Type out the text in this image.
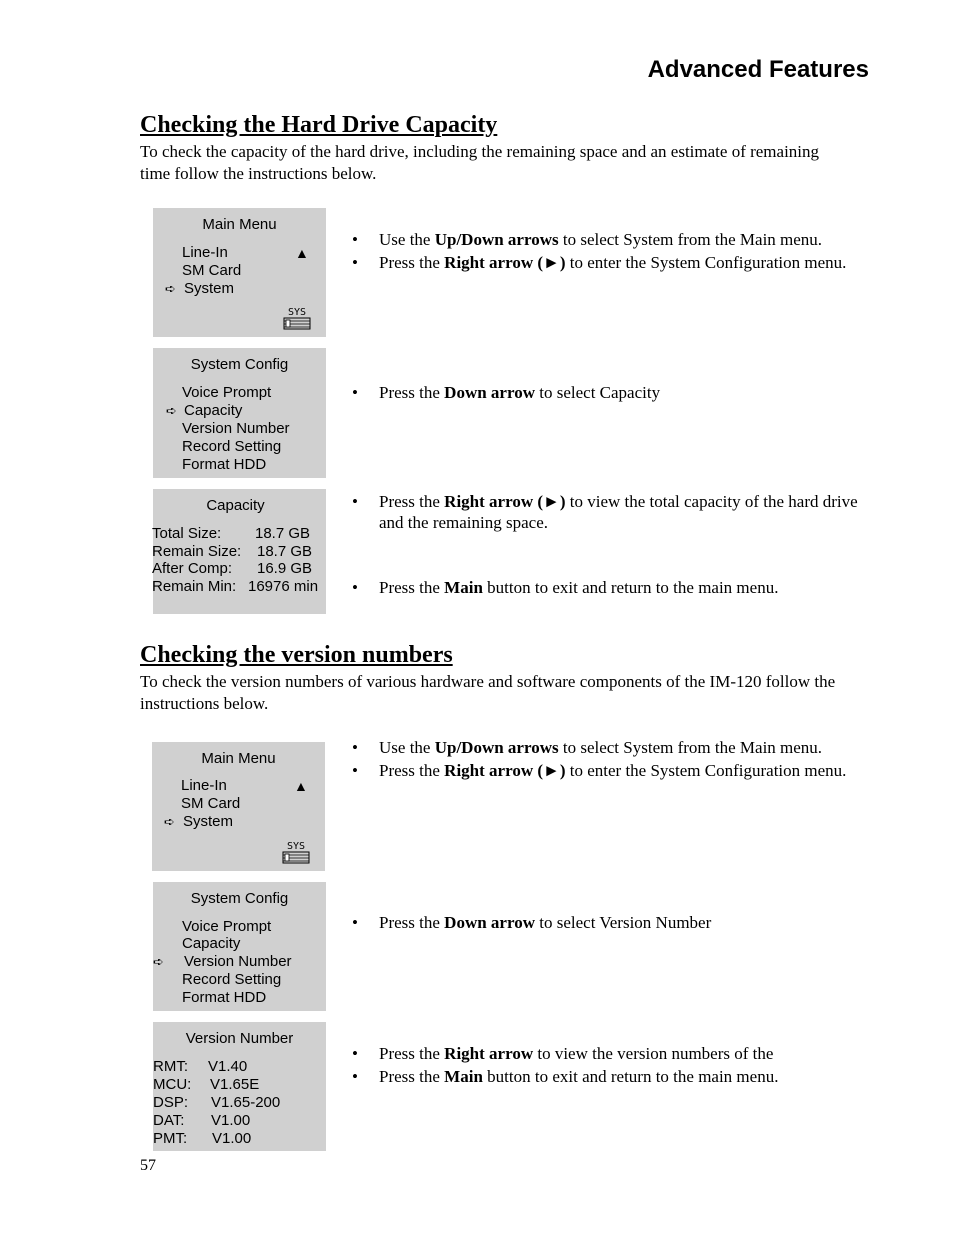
Advanced Features
Checking the Hard Drive Capacity

To check the capacity of the hard drive, including the remaining space and an estimate of remaining time follow the instructions below.

Main Menu
Line-In	▲
SM Card
➪ System
SYS
System Config
Voice Prompt
➪ Capacity
Version Number
Record Setting
Format HDD
Capacity
Total Size: 18.7 GB
Remain Size: 18.7 GB
After Comp: 16.9 GB
Remain Min: 16976 min
• Use the Up/Down arrows to select System from the Main menu.
• Press the Right arrow (►) to enter the System Configuration menu.
• Press the Down arrow to select Capacity
• Press the Right arrow (►) to view the total capacity of the hard drive and the remaining space.
• Press the Main button to exit and return to the main menu.
Checking the version numbers

To check the version numbers of various hardware and software components of the IM-120 follow the instructions below.

Main Menu
Line-In	▲
SM Card
➪ System
SYS
System Config
Voice Prompt
Capacity
➪ Version Number
Record Setting
Format HDD
Version Number
RMT: V1.40
MCU: V1.65E
DSP: V1.65-200
DAT: V1.00
PMT: V1.00
• Use the Up/Down arrows to select System from the Main menu.
• Press the Right arrow (►) to enter the System Configuration menu.
• Press the Down arrow to select Version Number
• Press the Right arrow to view the version numbers of the
• Press the Main button to exit and return to the main menu.
57
